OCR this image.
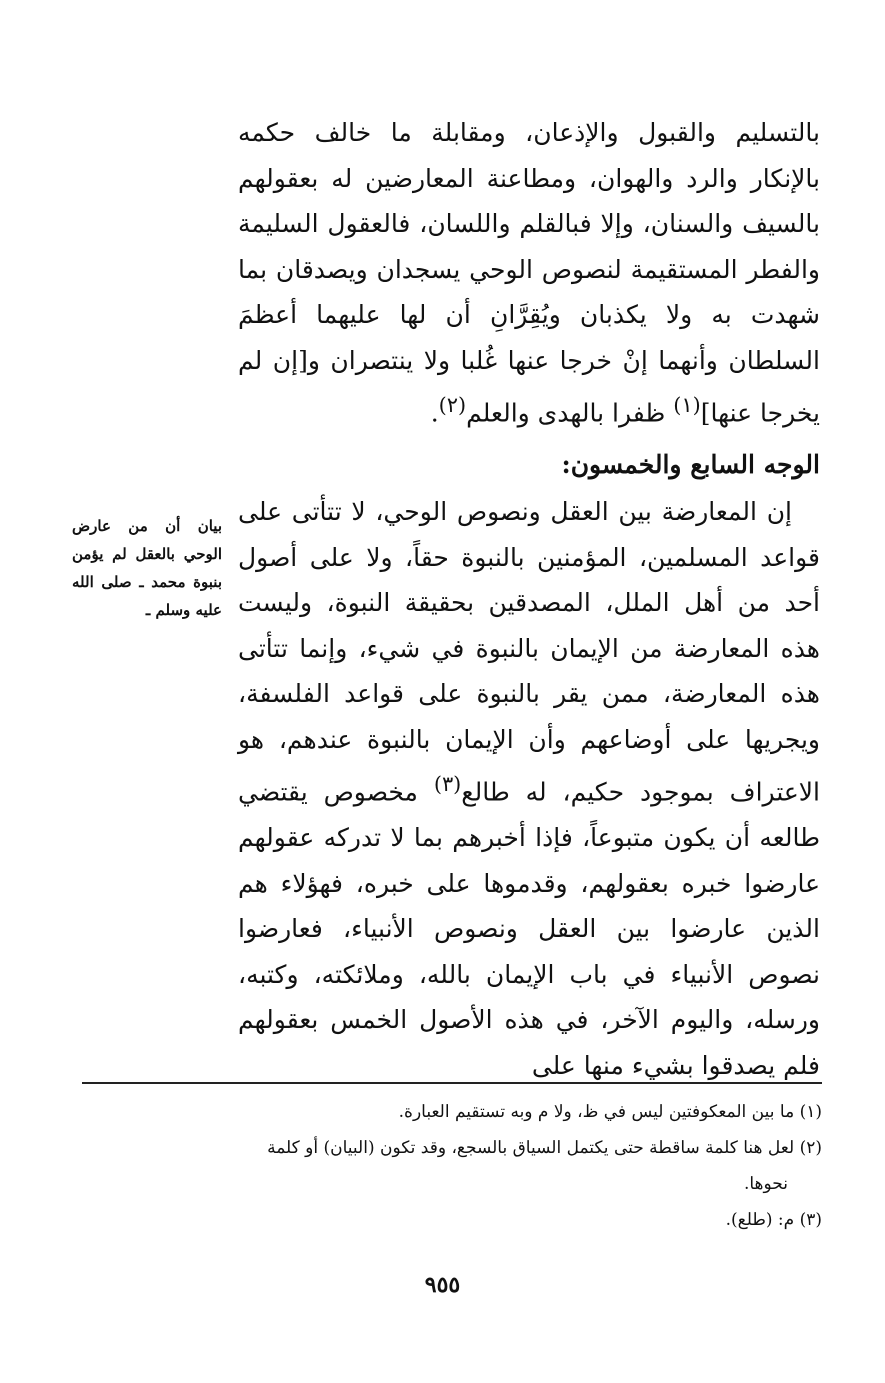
بالتسليم والقبول والإذعان، ومقابلة ما خالف حكمه بالإنكار والرد والهوان، ومطاعنة المعارضين له بعقولهم بالسيف والسنان، وإلا فبالقلم واللسان، فالعقول السليمة والفطر المستقيمة لنصوص الوحي يسجدان ويصدقان بما شهدت به ولا يكذبان ويُقِرَّانِ أن لها عليهما أعظمَ السلطان وأنهما إنْ خرجا عنها غُلبا ولا ينتصران و[إن لم يخرجا عنها]$^{(١)}$ ظفرا بالهدى والعلم$^{(٢)}$.

الوجه السابع والخمسون:

إن المعارضة بين العقل ونصوص الوحي، لا تتأتى على قواعد المسلمين، المؤمنين بالنبوة حقاً، ولا على أصول أحد من أهل الملل، المصدقين بحقيقة النبوة، وليست هذه المعارضة من الإيمان بالنبوة في شيء، وإنما تتأتى هذه المعارضة، ممن يقر بالنبوة على قواعد الفلسفة، ويجريها على أوضاعهم وأن الإيمان بالنبوة عندهم، هو الاعتراف بموجود حكيم، له طالع$^{(٣)}$ مخصوص يقتضي طالعه أن يكون متبوعاً، فإذا أخبرهم بما لا تدركه عقولهم عارضوا خبره بعقولهم، وقدموها على خبره، فهؤلاء هم الذين عارضوا بين العقل ونصوص الأنبياء، فعارضوا نصوص الأنبياء في باب الإيمان بالله، وملائكته، وكتبه، ورسله، واليوم الآخر، في هذه الأصول الخمس بعقولهم فلم يصدقوا بشيء منها على

بيان أن من عارض الوحي بالعقل لم يؤمن بنبوة محمد ـ صلى الله عليه وسلم ـ

(١) ما بين المعكوفتين ليس في ظ، ولا م وبه تستقيم العبارة.

(٢) لعل هنا كلمة ساقطة حتى يكتمل السياق بالسجع، وقد تكون (البيان) أو كلمة

نحوها.

(٣) م: (طلع).

٩٥٥
